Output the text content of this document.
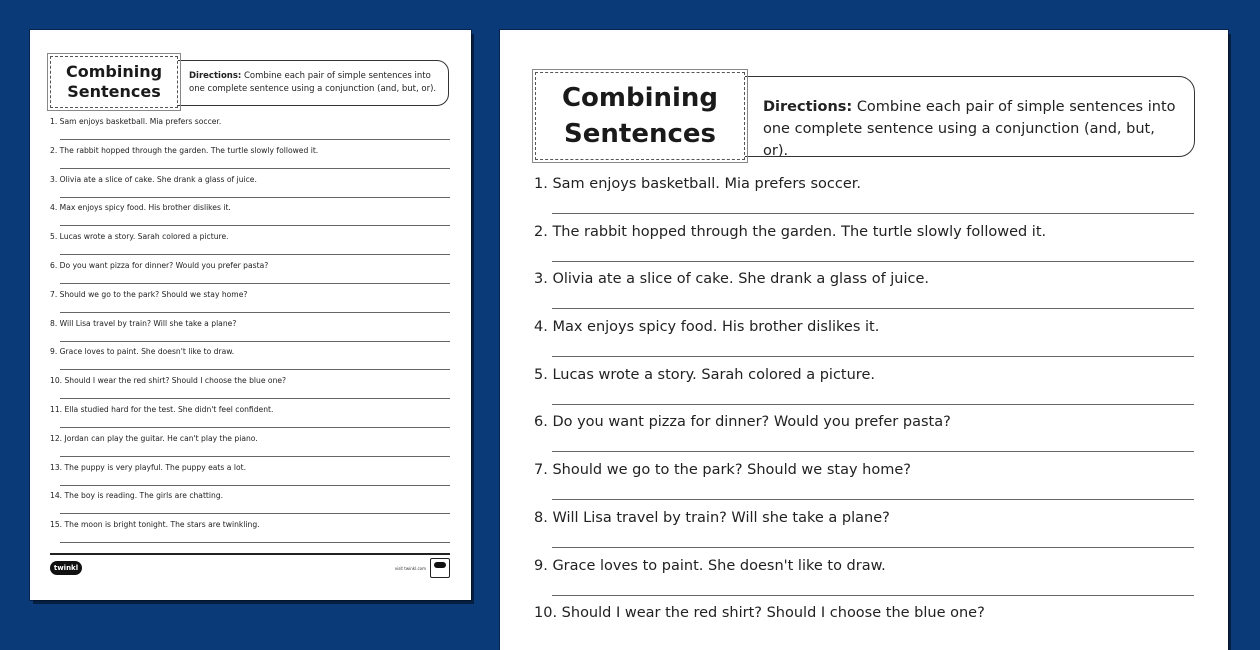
Combining
Sentences
Directions: Combine each pair of simple sentences into one complete sentence using a conjunction (and, but, or).
1. Sam enjoys basketball. Mia prefers soccer.
2. The rabbit hopped through the garden. The turtle slowly followed it.
3. Olivia ate a slice of cake. She drank a glass of juice.
4. Max enjoys spicy food. His brother dislikes it.
5. Lucas wrote a story. Sarah colored a picture.
6. Do you want pizza for dinner? Would you prefer pasta?
7. Should we go to the park? Should we stay home?
8. Will Lisa travel by train? Will she take a plane?
9. Grace loves to paint. She doesn't like to draw.
10. Should I wear the red shirt? Should I choose the blue one?
11. Ella studied hard for the test. She didn't feel confident.
12. Jordan can play the guitar. He can't play the piano.
13. The puppy is very playful. The puppy eats a lot.
14. The boy is reading. The girls are chatting.
15. The moon is bright tonight. The stars are twinkling.
twinkl	visit twinkl.com
Combining
Sentences
Directions: Combine each pair of simple sentences into one complete sentence using a conjunction (and, but, or).
1. Sam enjoys basketball. Mia prefers soccer.
2. The rabbit hopped through the garden. The turtle slowly followed it.
3. Olivia ate a slice of cake. She drank a glass of juice.
4. Max enjoys spicy food. His brother dislikes it.
5. Lucas wrote a story. Sarah colored a picture.
6. Do you want pizza for dinner? Would you prefer pasta?
7. Should we go to the park? Should we stay home?
8. Will Lisa travel by train? Will she take a plane?
9. Grace loves to paint. She doesn't like to draw.
10. Should I wear the red shirt? Should I choose the blue one?
